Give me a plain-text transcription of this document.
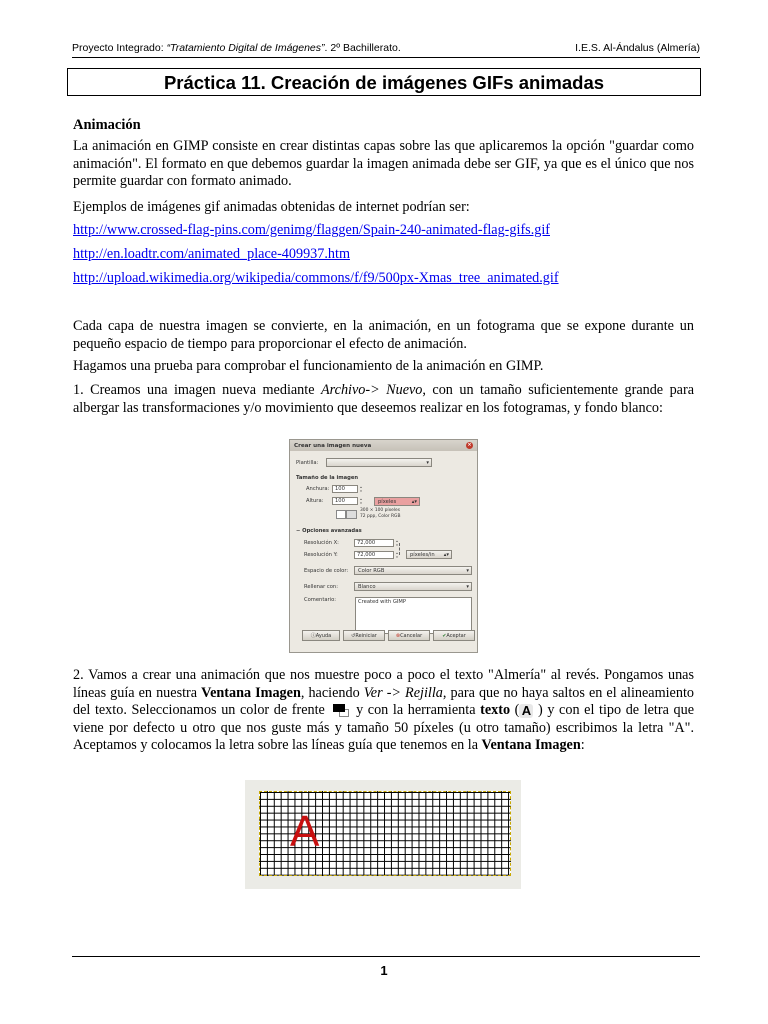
Proyecto Integrado: “Tratamiento Digital de Imágenes”. 2º Bachillerato.	I.E.S. Al-Ándalus (Almería)
Práctica 11. Creación de imágenes GIFs animadas
Animación

La animación en GIMP consiste en crear distintas capas sobre las que aplicaremos la opción "guardar como animación". El formato en que debemos guardar la imagen animada debe ser GIF, ya que es el único que nos permite guardar con formato animado.

Ejemplos de imágenes gif animadas obtenidas de internet podrían ser:

http://www.crossed-flag-pins.com/genimg/flaggen/Spain-240-animated-flag-gifs.gif
http://en.loadtr.com/animated_place-409937.htm
http://upload.wikimedia.org/wikipedia/commons/f/f9/500px-Xmas_tree_animated.gif

Cada capa de nuestra imagen se convierte, en la animación, en un fotograma que se expone durante un pequeño espacio de tiempo para proporcionar el efecto de animación.

Hagamos una prueba para comprobar el funcionamiento de la animación en GIMP.

1. Creamos una imagen nueva mediante Archivo-> Nuevo, con un tamaño suficientemente grande para albergar las transformaciones y/o movimiento que deseemos realizar en los fotogramas, y fondo blanco:

Crear una imagen nueva	×
Plantilla:	▾
Tamaño de la imagen
Anchura:	100	▴
▾
Altura:	100	▴
▾	píxeles	▴▾
300 × 100 píxeles
72 ppp, Color RGB
− Opciones avanzadas
Resolución X:	72,000	▴
▾
Resolución Y:	72,000	▴
▾	píxeles/in ▴▾
Espacio de color:	Color RGB	▾
Rellenar con:	Blanco	▾
Comentario:	Created with GIMP
ⓘAyuda	↺Reiniciar	⊗Cancelar	✔Aceptar

2. Vamos a crear una animación que nos muestre poco a poco el texto "Almería" al revés. Pongamos unas líneas guía en nuestra Ventana Imagen, haciendo Ver -> Rejilla, para que no haya saltos en el alineamiento del texto. Seleccionamos un color de frente
y con la herramienta texto ( A ) y con el tipo de letra que viene por defecto u otro que nos guste más y tamaño 50 píxeles (u otro tamaño) escribimos la letra "A". Aceptamos y colocamos la letra sobre las líneas guía que tenemos en la Ventana Imagen:

A
1
